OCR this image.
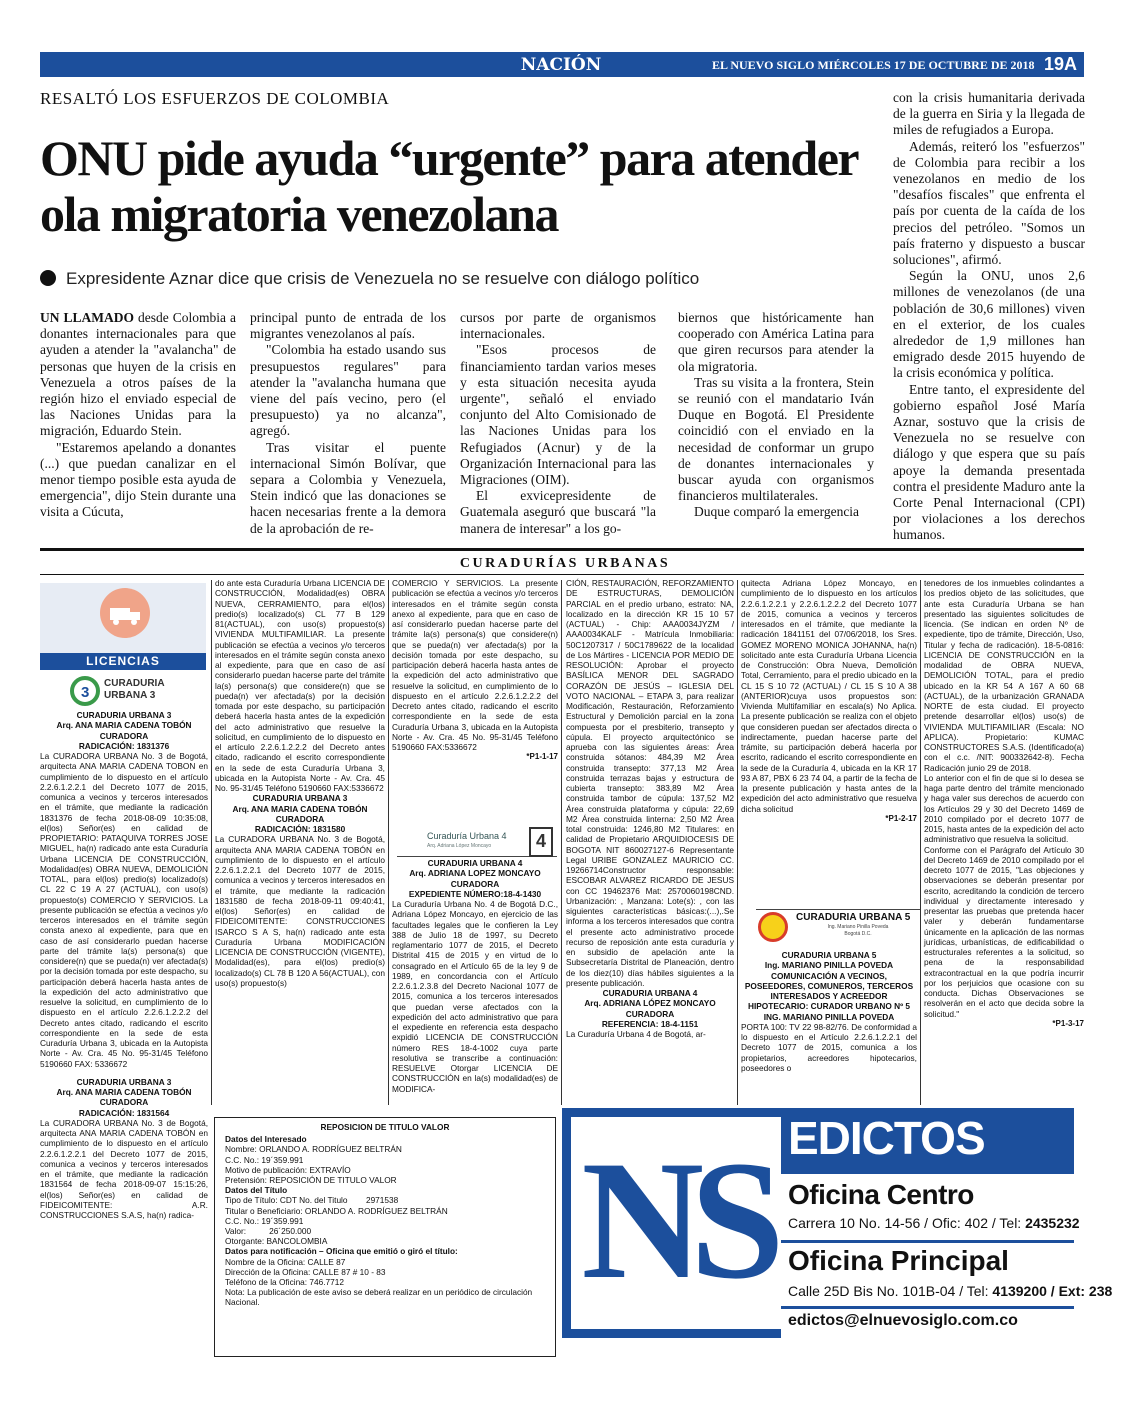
NACIÓN	EL NUEVO SIGLO MIÉRCOLES 17 DE OCTUBRE DE 2018 19A
RESALTÓ LOS ESFUERZOS DE COLOMBIA
ONU pide ayuda “urgente” para atender ola migratoria venezolana
Expresidente Aznar dice que crisis de Venezuela no se resuelve con diálogo político

UN LLAMADO desde Colombia a donantes internacionales para que ayuden a atender la "avalancha" de personas que huyen de la crisis en Venezuela a otros países de la región hizo el enviado especial de las Naciones Unidas para la migración, Eduardo Stein.

"Estaremos apelando a donantes (...) que puedan canalizar en el menor tiempo posible esta ayuda de emergencia", dijo Stein durante una visita a Cúcuta,

principal punto de entrada de los migrantes venezolanos al país.

"Colombia ha estado usando sus presupuestos regulares" para atender la "avalancha humana que viene del país vecino, pero (el presupuesto) ya no alcanza", agregó.

Tras visitar el puente internacional Simón Bolívar, que separa a Colombia y Venezuela, Stein indicó que las donaciones se hacen necesarias frente a la demora de la aprobación de re-

cursos por parte de organismos internacionales.

"Esos procesos de financiamiento tardan varios meses y esta situación necesita ayuda urgente", señaló el enviado conjunto del Alto Comisionado de las Naciones Unidas para los Refugiados (Acnur) y de la Organización Internacional para las Migraciones (OIM).

El exvicepresidente de Guatemala aseguró que buscará "la manera de interesar" a los go-

biernos que históricamente han cooperado con América Latina para que giren recursos para atender la ola migratoria.

Tras su visita a la frontera, Stein se reunió con el mandatario Iván Duque en Bogotá. El Presidente coincidió con el enviado en la necesidad de conformar un grupo de donantes internacionales y buscar ayuda con organismos financieros multilaterales.

Duque comparó la emergencia

con la crisis humanitaria derivada de la guerra en Siria y la llegada de miles de refugiados a Europa.

Además, reiteró los "esfuerzos" de Colombia para recibir a los venezolanos en medio de los "desafíos fiscales" que enfrenta el país por cuenta de la caída de los precios del petróleo. "Somos un país fraterno y dispuesto a buscar soluciones", afirmó.

Según la ONU, unos 2,6 millones de venezolanos (de una población de 30,6 millones) viven en el exterior, de los cuales alrededor de 1,9 millones han emigrado desde 2015 huyendo de la crisis económica y política.

Entre tanto, el expresidente del gobierno español José María Aznar, sostuvo que la crisis de Venezuela no se resuelve con diálogo y que espera que su país apoye la demanda presentada contra el presidente Maduro ante la Corte Penal Internacional (CPI) por violaciones a los derechos humanos.

CURADURÍAS URBANAS
LICENCIAS
3
CURADURIA URBANA 3

CURADURIA URBANA 3

Arq. ANA MARIA CADENA TOBÓN

CURADORA

RADICACIÓN: 1831376

La CURADORA URBANA No. 3 de Bogotá, arquitecta ANA MARIA CADENA TOBON en cumplimiento de lo dispuesto en el artículo 2.2.6.1.2.2.1 del Decreto 1077 de 2015, comunica a vecinos y terceros interesados en el trámite, que mediante la radicación 1831376 de fecha 2018-08-09 10:35:08, el(los) Señor(es) en calidad de PROPIETARIO: PATAQUIVA TORRES JOSE MIGUEL, ha(n) radicado ante esta Curaduría Urbana LICENCIA DE CONSTRUCCIÓN, Modalidad(es) OBRA NUEVA, DEMOLICIÓN TOTAL, para el(los) predio(s) localizado(s) CL 22 C 19 A 27 (ACTUAL), con uso(s) propuesto(s) COMERCIO Y SERVICIOS. La presente publicación se efectúa a vecinos y/o terceros interesados en el trámite según consta anexo al expediente, para que en caso de así considerarlo puedan hacerse parte del trámite la(s) persona(s) que considere(n) que se pueda(n) ver afectada(s) por la decisión tomada por este despacho, su participación deberá hacerla hasta antes de la expedición del acto administrativo que resuelve la solicitud, en cumplimiento de lo dispuesto en el artículo 2.2.6.1.2.2.2 del Decreto antes citado, radicando el escrito correspondiente en la sede de esta Curaduría Urbana 3, ubicada en la Autopista Norte - Av. Cra. 45 No. 95-31/45 Teléfono 5190660 FAX: 5336672

CURADURIA URBANA 3

Arq. ANA MARIA CADENA TOBÓN

CURADORA

RADICACIÓN: 1831564

La CURADORA URBANA No. 3 de Bogotá, arquitecta ANA MARIA CADENA TOBÓN en cumplimiento de lo dispuesto en el artículo 2.2.6.1.2.2.1 del Decreto 1077 de 2015, comunica a vecinos y terceros interesados en el trámite, que mediante la radicación 1831564 de fecha 2018-09-07 15:15:26, el(los) Señor(es) en calidad de FIDEICOMITENTE: A.R. CONSTRUCCIONES S.A.S, ha(n) radica-

do ante esta Curaduría Urbana LICENCIA DE CONSTRUCCIÓN, Modalidad(es) OBRA NUEVA, CERRAMIENTO, para el(los) predio(s) localizado(s) CL 77 B 129 81(ACTUAL), con uso(s) propuesto(s) VIVIENDA MULTIFAMILIAR. La presente publicación se efectúa a vecinos y/o terceros interesados en el trámite según consta anexo al expediente, para que en caso de así considerarlo puedan hacerse parte del trámite la(s) persona(s) que considere(n) que se pueda(n) ver afectada(s) por la decisión tomada por este despacho, su participación deberá hacerla hasta antes de la expedición del acto administrativo que resuelve la solicitud, en cumplimiento de lo dispuesto en el artículo 2.2.6.1.2.2.2 del Decreto antes citado, radicando el escrito correspondiente en la sede de esta Curaduría Urbana 3, ubicada en la Autopista Norte - Av. Cra. 45 No. 95-31/45 Teléfono 5190660 FAX:5336672

CURADURIA URBANA 3

Arq. ANA MARIA CADENA TOBÓN

CURADORA

RADICACIÓN: 1831580

La CURADORA URBANA No. 3 de Bogotá, arquitecta ANA MARIA CADENA TOBÓN en cumplimiento de lo dispuesto en el artículo 2.2.6.1.2.2.1 del Decreto 1077 de 2015, comunica a vecinos y terceros interesados en el trámite, que mediante la radicación 1831580 de fecha 2018-09-11 09:40:41, el(los) Señor(es) en calidad de FIDEICOMITENTE: CONSTRUCCIONES ISARCO S A S, ha(n) radicado ante esta Curaduría Urbana MODIFICACIÓN LICENCIA DE CONSTRUCCIÓN (VIGENTE), Modalidad(es), para el(los) predio(s) localizado(s) CL 78 B 120 A 56(ACTUAL), con uso(s) propuesto(s)

COMERCIO Y SERVICIOS. La presente publicación se efectúa a vecinos y/o terceros interesados en el trámite según consta anexo al expediente, para que en caso de así considerarlo puedan hacerse parte del trámite la(s) persona(s) que considere(n) que se pueda(n) ver afectada(s) por la decisión tomada por este despacho, su participación deberá hacerla hasta antes de la expedición del acto administrativo que resuelve la solicitud, en cumplimiento de lo dispuesto en el artículo 2.2.6.1.2.2.2 del Decreto antes citado, radicando el escrito correspondiente en la sede de esta Curaduría Urbana 3, ubicada en la Autopista Norte - Av. Cra. 45 No. 95-31/45 Teléfono 5190660 FAX:5336672

*P1-1-17

Curaduría Urbana 4
Arq. Adriana López Moncayo	4

CURADURIA URBANA 4

Arq. ADRIANA LOPEZ MONCAYO

CURADORA

EXPEDIENTE NÚMERO:18-4-1430

La Curaduría Urbana No. 4 de Bogotá D.C., Adriana López Moncayo, en ejercicio de las facultades legales que le confieren la Ley 388 de Julio 18 de 1997, su Decreto reglamentario 1077 de 2015, el Decreto Distrital 415 de 2015 y en virtud de lo consagrado en el Artículo 65 de la ley 9 de 1989, en concordancia con el Artículo 2.2.6.1.2.3.8 del Decreto Nacional 1077 de 2015, comunica a los terceros interesados que puedan verse afectados con la expedición del acto administrativo que para el expediente en referencia esta despacho expidió LICENCIA DE CONSTRUCCIÓN número RES 18-4-1002 cuya parte resolutiva se transcribe a continuación: RESUELVE Otorgar LICENCIA DE CONSTRUCCIÓN en la(s) modalidad(es) de MODIFICA-

CIÓN, RESTAURACIÓN, REFORZAMIENTO DE ESTRUCTURAS, DEMOLICIÓN PARCIAL en el predio urbano, estrato: NA, localizado en la dirección KR 15 10 57 (ACTUAL) - Chip: AAA0034JYZM / AAA0034KALF - Matrícula Inmobiliaria: 50C1207317 / 50C1789622 de la localidad de Los Mártires - LICENCIA POR MEDIO DE RESOLUCIÓN: Aprobar el proyecto BASÍLICA MENOR DEL SAGRADO CORAZÓN DE JESÚS – IGLESIA DEL VOTO NACIONAL – ETAPA 3, para realizar Modificación, Restauración, Reforzamiento Estructural y Demolición parcial en la zona compuesta por el presbiterio, transepto y cúpula. El proyecto arquitectónico se aprueba con las siguientes áreas: Área construida sótanos: 484,39 M2 Área construida transepto: 377,13 M2 Área construida terrazas bajas y estructura de cubierta transepto: 383,89 M2 Área construida tambor de cúpula: 137,52 M2 Área construida plataforma y cúpula: 22,69 M2 Área construida linterna: 2,50 M2 Área total construida: 1246,80 M2 Titulares: en calidad de Propietario ARQUIDIOCESIS DE BOGOTA NIT 860027127-6 Representante Legal URIBE GONZALEZ MAURICIO CC. 19266714Constructor responsable: ESCOBAR ALVAREZ RICARDO DE JESUS con CC 19462376 Mat: 2570060198CND. Urbanización: , Manzana: Lote(s): , con las siguientes características básicas:(...),.Se informa a los terceros interesados que contra el presente acto administrativo procede recurso de reposición ante esta curaduría y en subsidio de apelación ante la Subsecretaría Distrital de Planeación, dentro de los diez(10) días hábiles siguientes a la presente publicación.

CURADURIA URBANA 4

Arq. ADRIANA LÓPEZ MONCAYO

CURADORA

REFERENCIA: 18-4-1151

La Curaduría Urbana 4 de Bogotá, ar-

quitecta Adriana López Moncayo, en cumplimiento de lo dispuesto en los artículos 2.2.6.1.2.2.1 y 2.2.6.1.2.2.2 del Decreto 1077 de 2015, comunica a vecinos y terceros interesados en el trámite, que mediante la radicación 1841151 del 07/06/2018, los Sres. GOMEZ MORENO MONICA JOHANNA, ha(n) solicitado ante esta Curaduría Urbana Licencia de Construcción: Obra Nueva, Demolición Total, Cerramiento, para el predio ubicado en la CL 15 S 10 72 (ACTUAL) / CL 15 S 10 A 38 (ANTERIOR)cuya usos propuestos son: Vivienda Multifamiliar en escala(s) No Aplica. La presente publicación se realiza con el objeto que consideren puedan ser afectados directa o indirectamente, puedan hacerse parte del trámite, su participación deberá hacerla por escrito, radicando el escrito correspondiente en la sede de la Curaduría 4, ubicada en la KR 17 93 A 87, PBX 6 23 74 04, a partir de la fecha de la presente publicación y hasta antes de la expedición del acto administrativo que resuelva dicha solicitud

*P1-2-17

CURADURIA URBANA 5
Ing. Mariano Pinilla Poveda
Bogotá D.C.

CURADURIA URBANA 5

Ing. MARIANO PINILLA POVEDA

COMUNICACIÓN A VECINOS, POSEEDORES, COMUNEROS, TERCEROS INTERESADOS Y ACREEDOR HIPOTECARIO: CURADOR URBANO Nº 5 ING. MARIANO PINILLA POVEDA

PORTA 100: TV 22 98-82/76. De conformidad a lo dispuesto en el Artículo 2.2.6.1.2.2.1 del Decreto 1077 de 2015, comunica a los propietarios, acreedores hipotecarios, poseedores o

tenedores de los inmuebles colindantes a los predios objeto de las solicitudes, que ante esta Curaduría Urbana se han presentado las siguientes solicitudes de licencia. (Se indican en orden Nº de expediente, tipo de trámite, Dirección, Uso, Titular y fecha de radicación). 18-5-0816: LICENCIA DE CONSTRUCCIÓN en la modalidad de OBRA NUEVA, DEMOLICIÓN TOTAL, para el predio ubicado en la KR 54 A 167 A 60 68 (ACTUAL), de la urbanización GRANADA NORTE de esta ciudad. El proyecto pretende desarrollar el(los) uso(s) de VIVIENDA MULTIFAMILIAR (Escala: NO APLICA). Propietario: KUMAC CONSTRUCTORES S.A.S. (Identificado(a) con el c.c. /NIT: 900332642-8). Fecha Radicación junio 29 de 2018.

Lo anterior con el fin de que si lo desea se haga parte dentro del trámite mencionado y haga valer sus derechos de acuerdo con los Artículos 29 y 30 del Decreto 1469 de 2010 compilado por el decreto 1077 de 2015, hasta antes de la expedición del acto administrativo que resuelva la solicitud.

Conforme con el Parágrafo del Artículo 30 del Decreto 1469 de 2010 compilado por el decreto 1077 de 2015, "Las objeciones y observaciones se deberán presentar por escrito, acreditando la condición de tercero individual y directamente interesado y presentar las pruebas que pretenda hacer valer y deberán fundamentarse únicamente en la aplicación de las normas jurídicas, urbanísticas, de edificabilidad o estructurales referentes a la solicitud, so pena de la responsabilidad extracontractual en la que podría incurrir por los perjuicios que ocasione con su conducta. Dichas Observaciones se resolverán en el acto que decida sobre la solicitud."

*P1-3-17

REPOSICION DE TITULO VALOR
Datos del Interesado
Nombre: ORLANDO A. RODRÍGUEZ BELTRÁN
C.C. No.: 19´359.991
Motivo de publicación: EXTRAVÍO
Pretensión: REPOSICIÓN DE TITULO VALOR
Datos del Título
Tipo de Título: CDT No. del Titulo        2971538
Titular o Beneficiario: ORLANDO A. RODRÍGUEZ BELTRÁN
C.C. No.: 19´359.991
Valor:          26´250.000
Otorgante: BANCOLOMBIA
Datos para notificación – Oficina que emitió o giró el título:
Nombre de la Oficina: CALLE 87
Dirección de la Oficina: CALLE 87 # 10 - 83
Teléfono de la Oficina: 746.7712
Nota: La publicación de este aviso se deberá realizar en un periódico de circulación Nacional.	NS EDICTOS
Oficina Centro
Carrera 10 No. 14-56 / Ofic: 402 / Tel: 2435232
Oficina Principal
Calle 25D Bis No. 101B-04 / Tel: 4139200 / Ext: 238
edictos@elnuevosiglo.com.co
